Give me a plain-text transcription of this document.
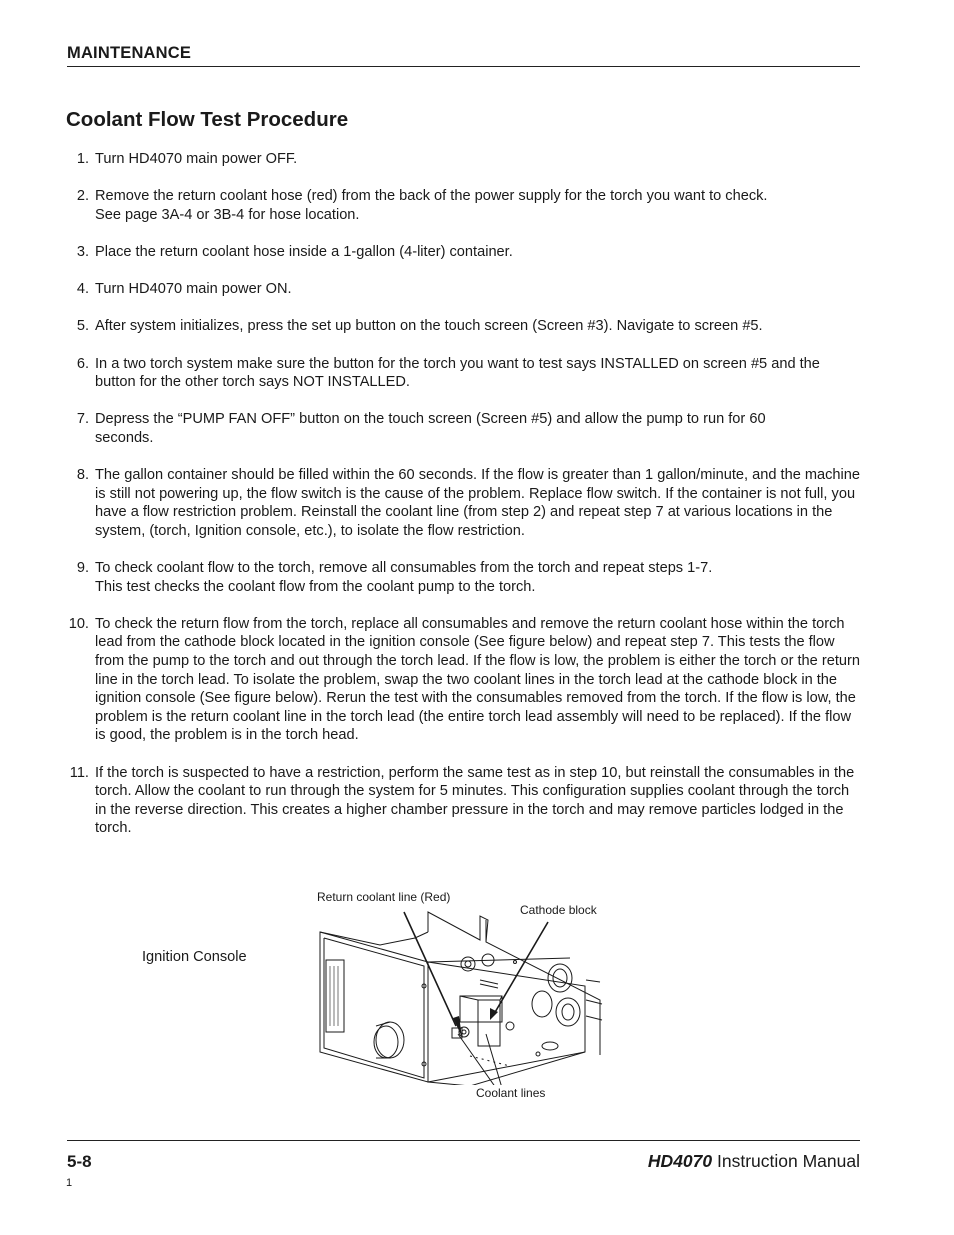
MAINTENANCE
Coolant Flow Test Procedure
1. Turn HD4070 main power OFF.
2. Remove the return coolant hose (red) from the back of the power supply for the torch you want to check.
See page 3A-4 or 3B-4 for hose location.
3. Place the return coolant hose inside a 1-gallon (4-liter) container.
4. Turn HD4070 main power ON.
5. After system initializes, press the set up button on the touch screen (Screen #3). Navigate to screen #5.
6. In a two torch system make sure the button for the torch you want to test says INSTALLED on screen #5 and the button for the other torch says NOT INSTALLED.
7. Depress the “PUMP FAN OFF” button on the touch screen (Screen #5) and allow the pump to run for 60 seconds.
8. The gallon container should be filled within the 60 seconds. If the flow is greater than 1 gallon/minute, and the machine is still not powering up, the flow switch is the cause of the problem. Replace flow switch. If the container is not full, you have a flow restriction problem. Reinstall the coolant line (from step 2) and repeat step 7 at various locations in the system, (torch, Ignition console, etc.), to isolate the flow restriction.
9. To check coolant flow to the torch, remove all consumables from the torch and repeat steps 1-7.
This test checks the coolant flow from the coolant pump to the torch.
10. To check the return flow from the torch, replace all consumables and remove the return coolant hose within the torch lead from the cathode block located in the ignition console (See figure below) and repeat step 7. This tests the flow from the pump to the torch and out through the torch lead. If the flow is low, the problem is either the torch or the return line in the torch lead. To isolate the problem, swap the two coolant lines in the torch lead at the cathode block in the ignition console (See figure below). Rerun the test with the consumables removed from the torch. If the flow is low, the problem is the return coolant line in the torch lead (the entire torch lead assembly will need to be replaced). If the flow is good, the problem is in the torch head.
11. If the torch is suspected to have a restriction, perform the same test as in step 10, but reinstall the consumables in the torch. Allow the coolant to run through the system for 5 minutes. This configuration supplies coolant through the torch in the reverse direction. This creates a higher chamber pressure in the torch and may remove particles lodged in the torch.
Ignition Console
Return coolant line (Red)
Cathode block
Coolant lines
5-8	HD4070 Instruction Manual
1
